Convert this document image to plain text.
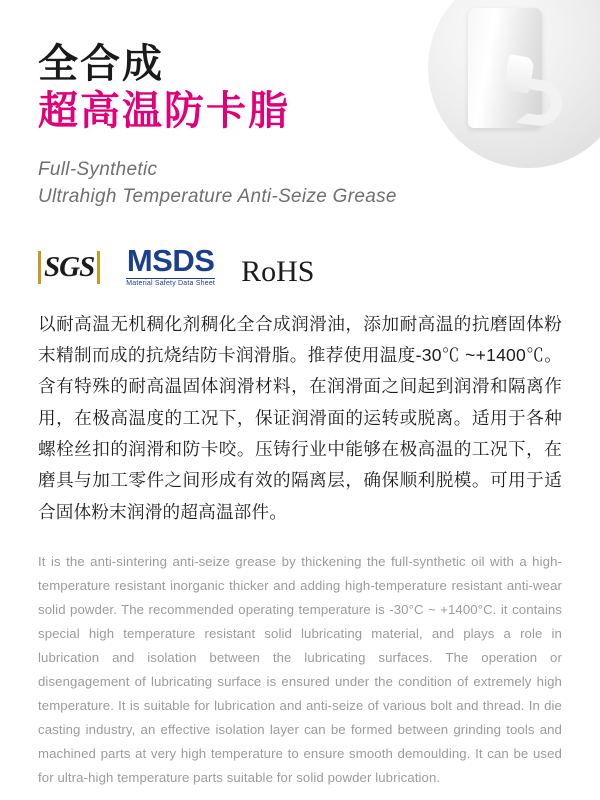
全合成
超高温防卡脂
Full-Synthetic
Ultrahigh Temperature Anti-Seize Grease
SGS MSDS
Material Safety Data Sheet RoHS
以耐高温无机稠化剂稠化全合成润滑油，添加耐高温的抗磨固体粉末精制而成的抗烧结防卡润滑脂。推荐使用温度-30℃ ~+1400℃。含有特殊的耐高温固体润滑材料，在润滑面之间起到润滑和隔离作用，在极高温度的工况下，保证润滑面的运转或脱离。适用于各种螺栓丝扣的润滑和防卡咬。压铸行业中能够在极高温的工况下，在磨具与加工零件之间形成有效的隔离层，确保顺利脱模。可用于适合固体粉末润滑的超高温部件。
It is the anti-sintering anti-seize grease by thickening the full-synthetic oil with a high-temperature resistant inorganic thicker and adding high-temperature resistant anti-wear solid powder. The recommended operating temperature is -30°C ~ +1400°C. it contains special high temperature resistant solid lubricating material, and plays a role in lubrication and isolation between the lubricating surfaces. The operation or disengagement of lubricating surface is ensured under the condition of extremely high temperature. It is suitable for lubrication and anti-seize of various bolt and thread. In die casting industry, an effective isolation layer can be formed between grinding tools and machined parts at very high temperature to ensure smooth demoulding. It can be used for ultra-high temperature parts suitable for solid powder lubrication.
